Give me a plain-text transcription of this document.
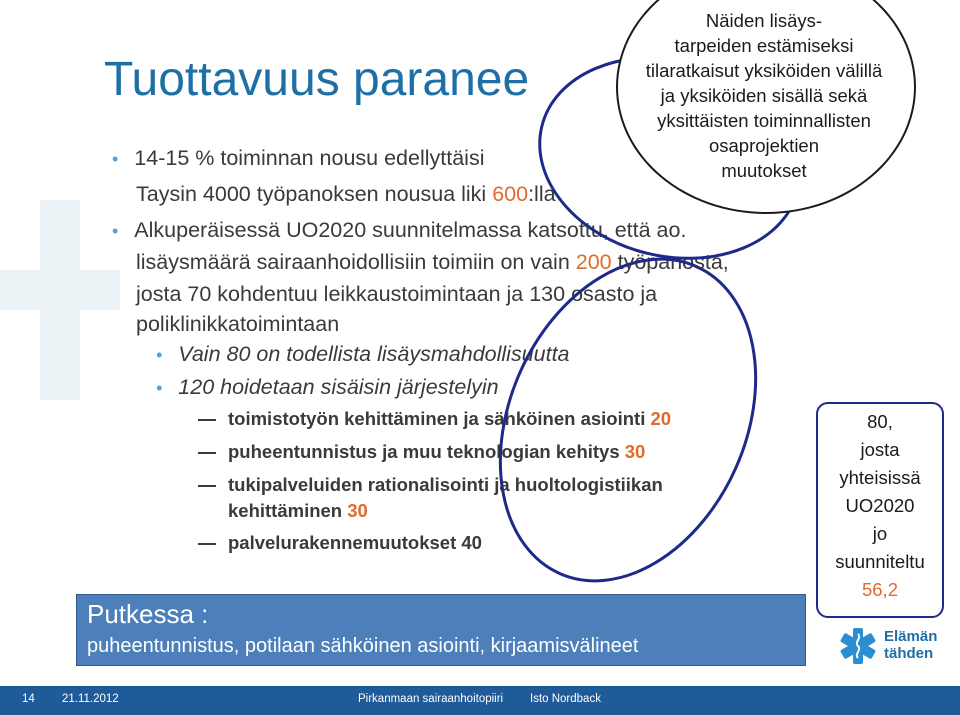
Tuottavuus paranee
• 14-15 % toiminnan nousu edellyttäisi
Taysin 4000 työpanoksen nousua liki 600:lla
• Alkuperäisessä UO2020 suunnitelmassa katsottu, että ao.
lisäysmäärä sairaanhoidollisiin toimiin on vain 200 työpanosta,
josta 70 kohdentuu leikkaustoimintaan ja 130 osasto ja
poliklinikkatoimintaan
• Vain 80 on todellista lisäysmahdollisuutta
• 120 hoidetaan sisäisin järjestelyin
toimistotyön kehittäminen ja sähköinen asiointi 20
puheentunnistus ja muu teknologian kehitys 30
tukipalveluiden rationalisointi ja huoltologistiikan
kehittäminen 30
palvelurakennemuutokset 40
Näiden lisäys-
tarpeiden estämiseksi
tilaratkaisut yksiköiden välillä
ja yksiköiden sisällä sekä
yksittäisten toiminnallisten
osaprojektien
muutokset
80,
josta
yhteisissä
UO2020
jo
suunniteltu
56,2
Putkessa :
puheentunnistus, potilaan sähköinen asiointi, kirjaamisvälineet	Elämän
tähden
14 21.11.2012	Pirkanmaan sairaanhoitopiiri Isto Nordback
